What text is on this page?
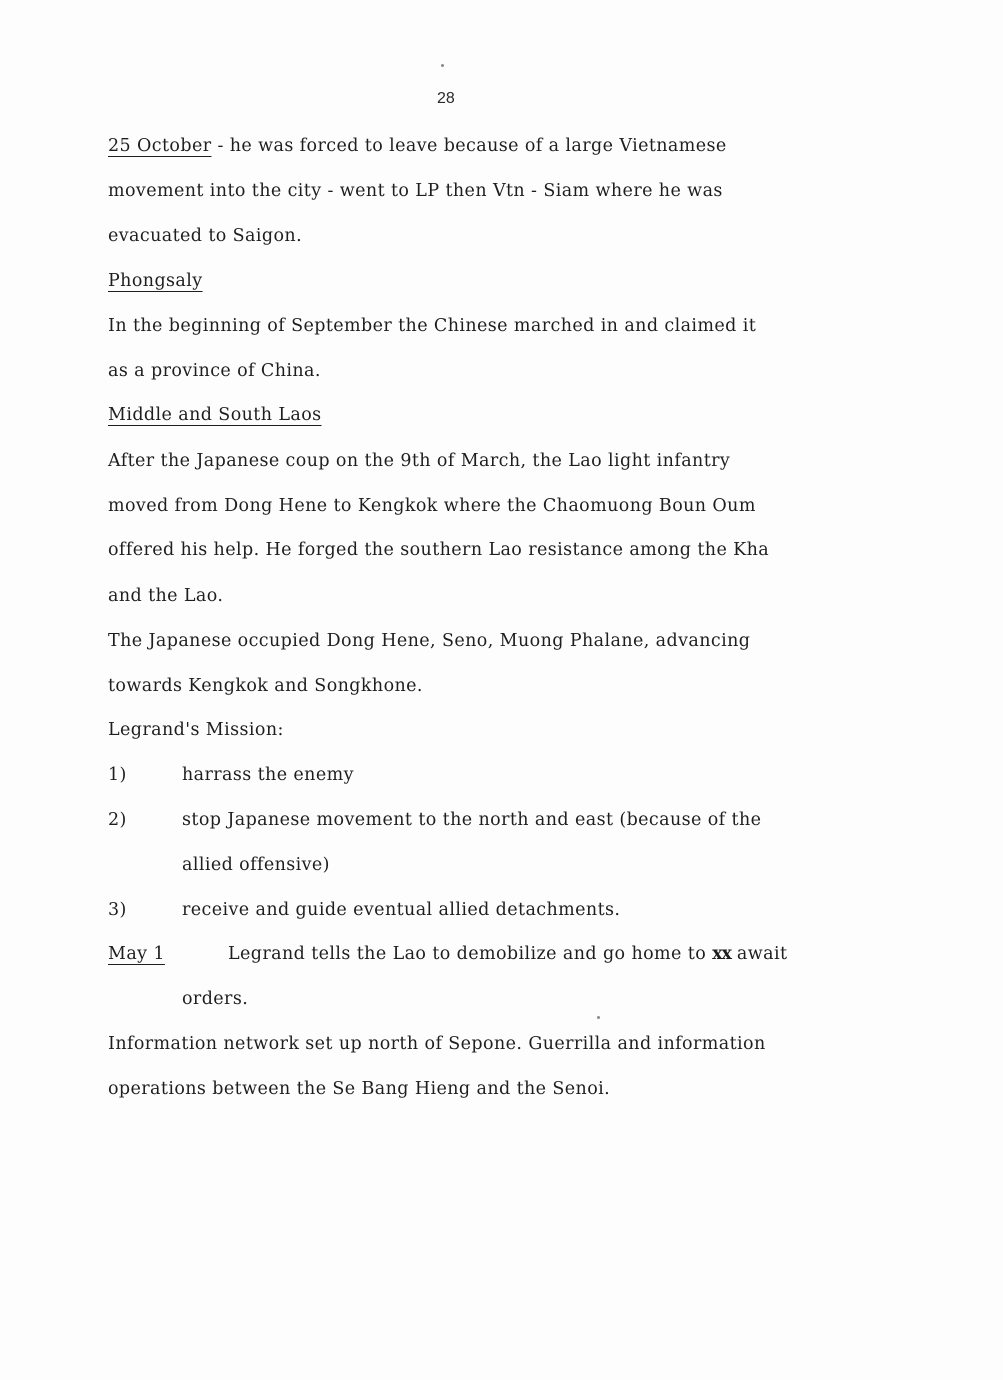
28
25 October - he was forced to leave because of a large Vietnamese
movement into the city - went to LP then Vtn - Siam where he was
evacuated to Saigon.
Phongsaly
In the beginning of September the Chinese marched in and claimed it
as a province of China.
Middle and South Laos
After the Japanese coup on the 9th of March, the Lao light infantry
moved from Dong Hene to Kengkok where the Chaomuong Boun Oum
offered his help. He forged the southern Lao resistance among the Kha
and the Lao.
The Japanese occupied Dong Hene, Seno, Muong Phalane, advancing
towards Kengkok and Songkhone.
Legrand's Mission:
1)	harrass the enemy
2)	stop Japanese movement to the north and east (because of the
allied offensive)
3)	receive and guide eventual allied detachments.
May 1	Legrand tells the Lao to demobilize and go home to xx await
orders.
Information network set up north of Sepone. Guerrilla and information
operations between the Se Bang Hieng and the Senoi.
